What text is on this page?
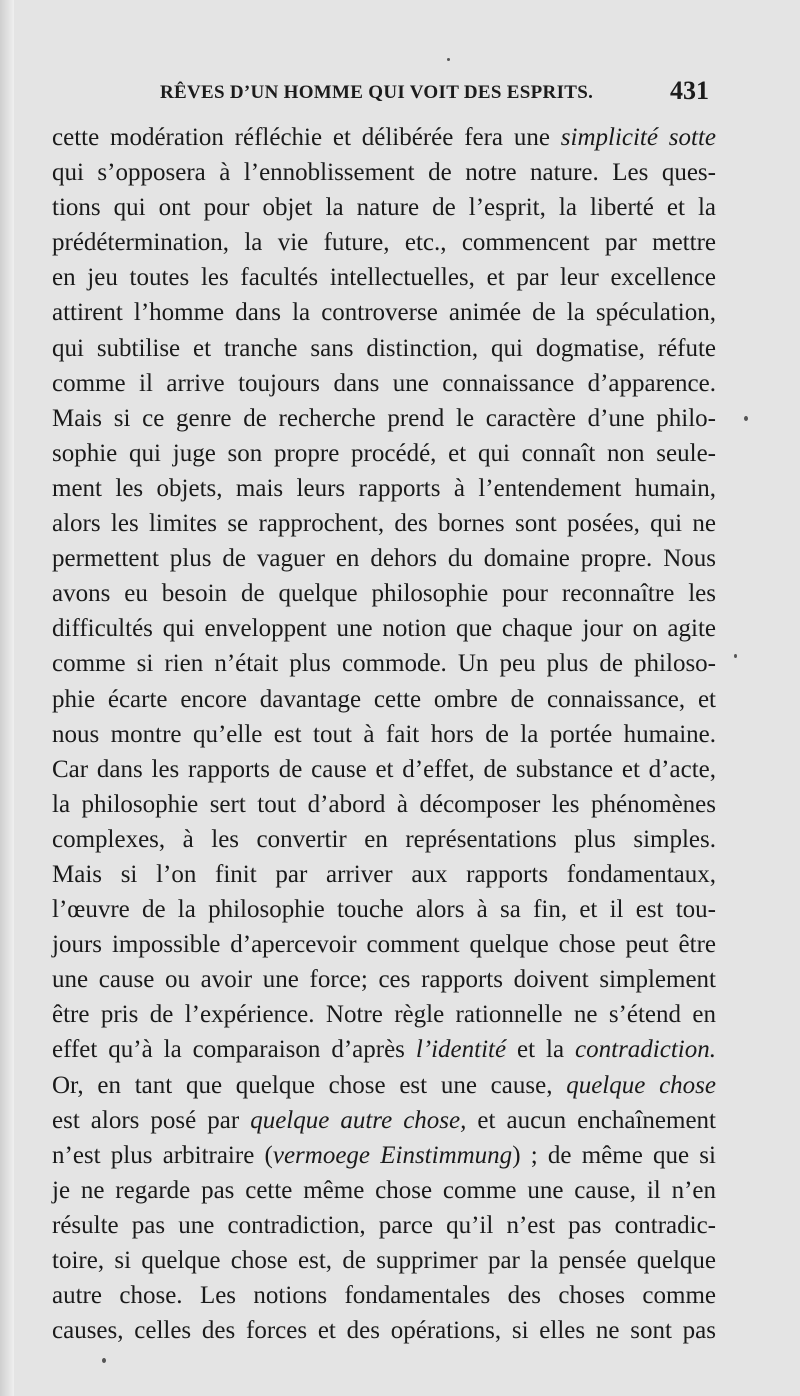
RÊVES D’UN HOMME QUI VOIT DES ESPRITS.	431
cette modération réfléchie et délibérée fera une simplicité sotte
qui s’opposera à l’ennoblissement de notre nature. Les ques-
tions qui ont pour objet la nature de l’esprit, la liberté et la
prédétermination, la vie future, etc., commencent par mettre
en jeu toutes les facultés intellectuelles, et par leur excellence
attirent l’homme dans la controverse animée de la spéculation,
qui subtilise et tranche sans distinction, qui dogmatise, réfute
comme il arrive toujours dans une connaissance d’apparence.
Mais si ce genre de recherche prend le caractère d’une philo-
sophie qui juge son propre procédé, et qui connaît non seule-
ment les objets, mais leurs rapports à l’entendement humain,
alors les limites se rapprochent, des bornes sont posées, qui ne
permettent plus de vaguer en dehors du domaine propre. Nous
avons eu besoin de quelque philosophie pour reconnaître les
difficultés qui enveloppent une notion que chaque jour on agite
comme si rien n’était plus commode. Un peu plus de philoso-
phie écarte encore davantage cette ombre de connaissance, et
nous montre qu’elle est tout à fait hors de la portée humaine.
Car dans les rapports de cause et d’effet, de substance et d’acte,
la philosophie sert tout d’abord à décomposer les phénomènes
complexes, à les convertir en représentations plus simples.
Mais si l’on finit par arriver aux rapports fondamentaux,
l’œuvre de la philosophie touche alors à sa fin, et il est tou-
jours impossible d’apercevoir comment quelque chose peut être
une cause ou avoir une force; ces rapports doivent simplement
être pris de l’expérience. Notre règle rationnelle ne s’étend en
effet qu’à la comparaison d’après l’identité et la contradiction.
Or, en tant que quelque chose est une cause, quelque chose
est alors posé par quelque autre chose, et aucun enchaînement
n’est plus arbitraire (vermoege Einstimmung) ; de même que si
je ne regarde pas cette même chose comme une cause, il n’en
résulte pas une contradiction, parce qu’il n’est pas contradic-
toire, si quelque chose est, de supprimer par la pensée quelque
autre chose. Les notions fondamentales des choses comme
causes, celles des forces et des opérations, si elles ne sont pas
